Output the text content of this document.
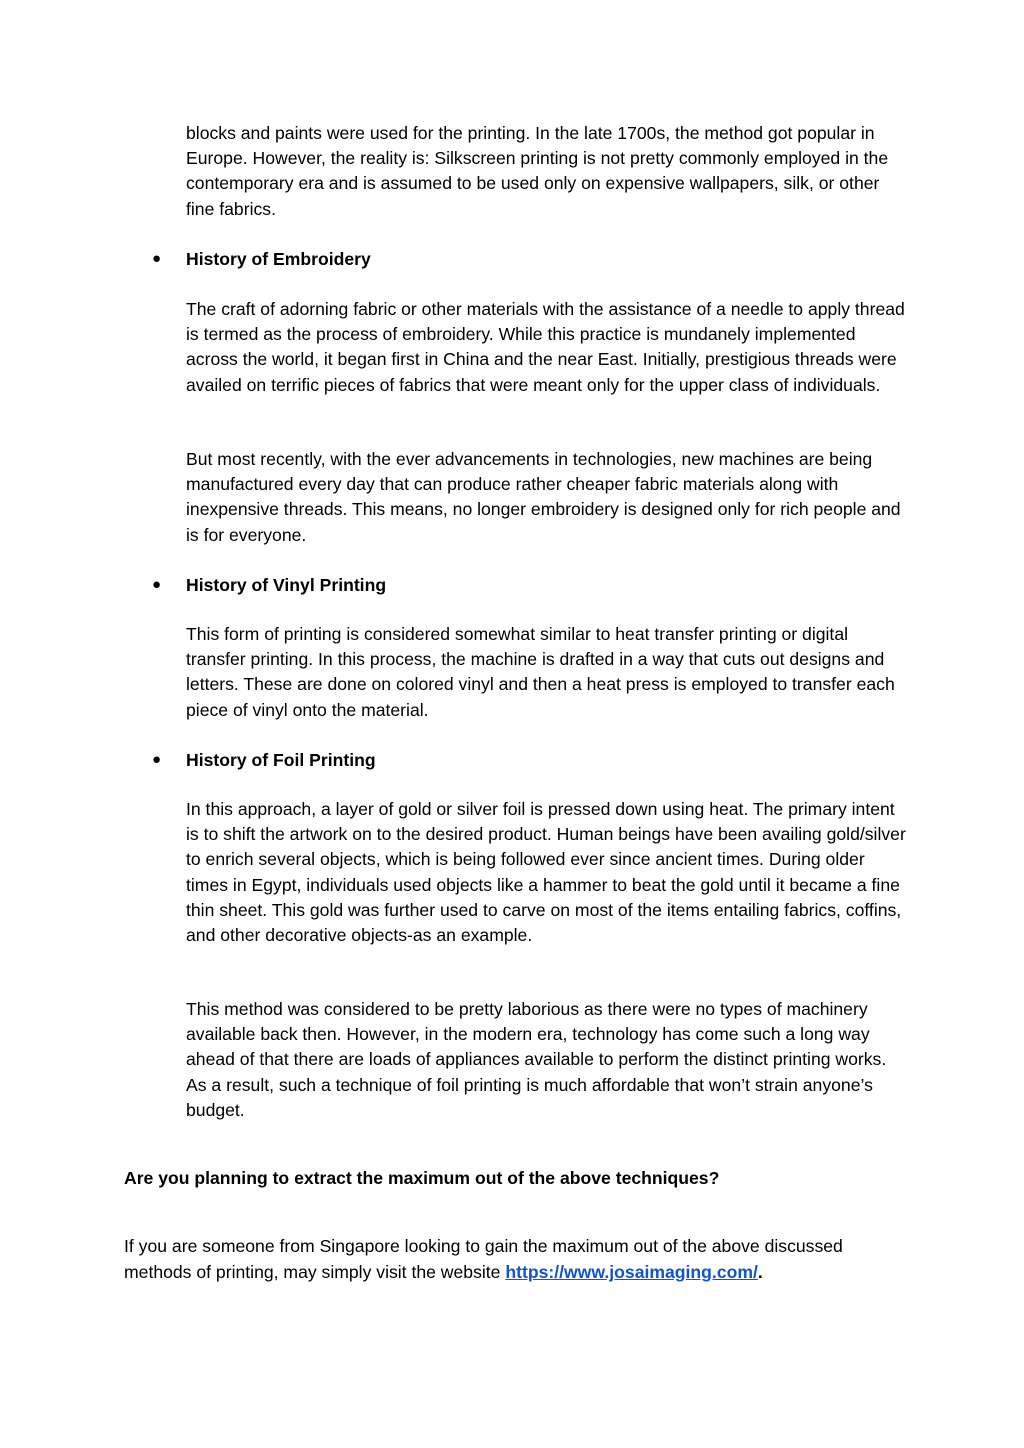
blocks and paints were used for the printing. In the late 1700s, the method got popular in Europe. However, the reality is: Silkscreen printing is not pretty commonly employed in the contemporary era and is assumed to be used only on expensive wallpapers, silk, or other fine fabrics.

●	History of Embroidery

The craft of adorning fabric or other materials with the assistance of a needle to apply thread is termed as the process of embroidery. While this practice is mundanely implemented across the world, it began first in China and the near East. Initially, prestigious threads were availed on terrific pieces of fabrics that were meant only for the upper class of individuals.

But most recently, with the ever advancements in technologies, new machines are being manufactured every day that can produce rather cheaper fabric materials along with inexpensive threads. This means, no longer embroidery is designed only for rich people and is for everyone.

●	History of Vinyl Printing

This form of printing is considered somewhat similar to heat transfer printing or digital transfer printing. In this process, the machine is drafted in a way that cuts out designs and letters. These are done on colored vinyl and then a heat press is employed to transfer each piece of vinyl onto the material.

●	History of Foil Printing

In this approach, a layer of gold or silver foil is pressed down using heat. The primary intent is to shift the artwork on to the desired product. Human beings have been availing gold/silver to enrich several objects, which is being followed ever since ancient times. During older times in Egypt, individuals used objects like a hammer to beat the gold until it became a fine thin sheet. This gold was further used to carve on most of the items entailing fabrics, coffins, and other decorative objects-as an example.

This method was considered to be pretty laborious as there were no types of machinery available back then. However, in the modern era, technology has come such a long way ahead of that there are loads of appliances available to perform the distinct printing works. As a result, such a technique of foil printing is much affordable that won’t strain anyone’s budget.

Are you planning to extract the maximum out of the above techniques?

If you are someone from Singapore looking to gain the maximum out of the above discussed methods of printing, may simply visit the website https://www.josaimaging.com/.
